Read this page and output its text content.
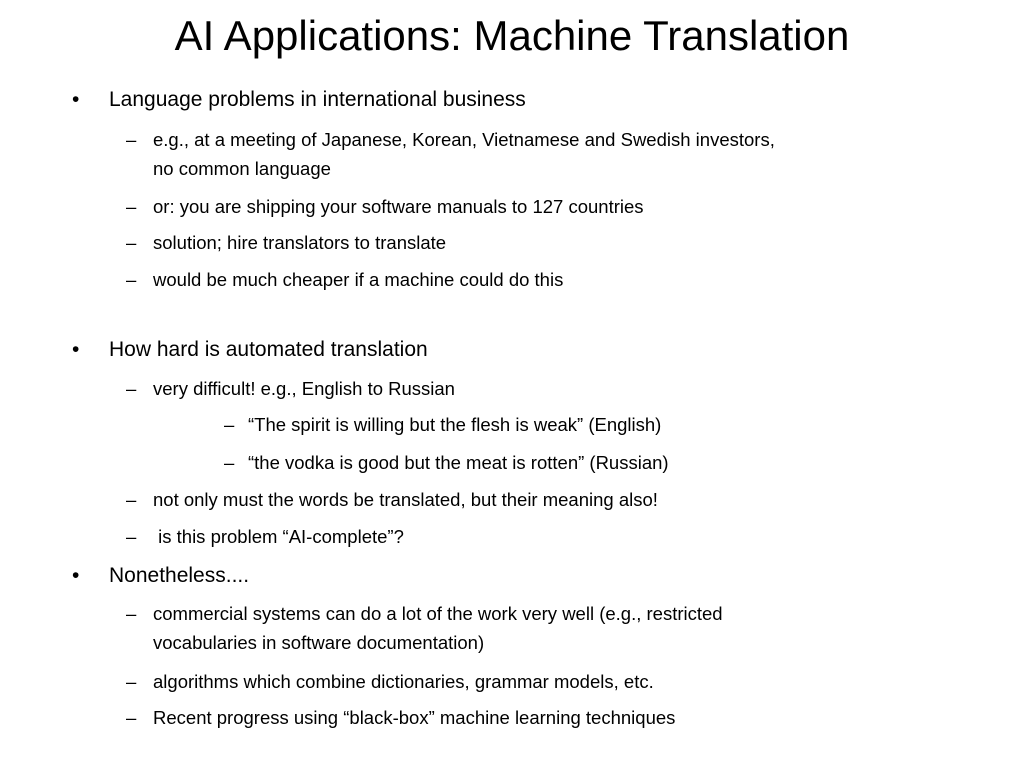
AI Applications: Machine Translation
• Language problems in international business
– e.g., at a meeting of Japanese, Korean, Vietnamese and Swedish investors,
no common language
– or: you are shipping your software manuals to 127 countries
– solution; hire translators to translate
– would be much cheaper if a machine could do this
• How hard is automated translation
– very difficult! e.g., English to Russian
– “The spirit is willing but the flesh is weak” (English)
– “the vodka is good but the meat is rotten” (Russian)
– not only must the words be translated, but their meaning also!
– is this problem “AI-complete”?
• Nonetheless....
– commercial systems can do a lot of the work very well (e.g., restricted
vocabularies in software documentation)
– algorithms which combine dictionaries, grammar models, etc.
– Recent progress using “black-box” machine learning techniques
